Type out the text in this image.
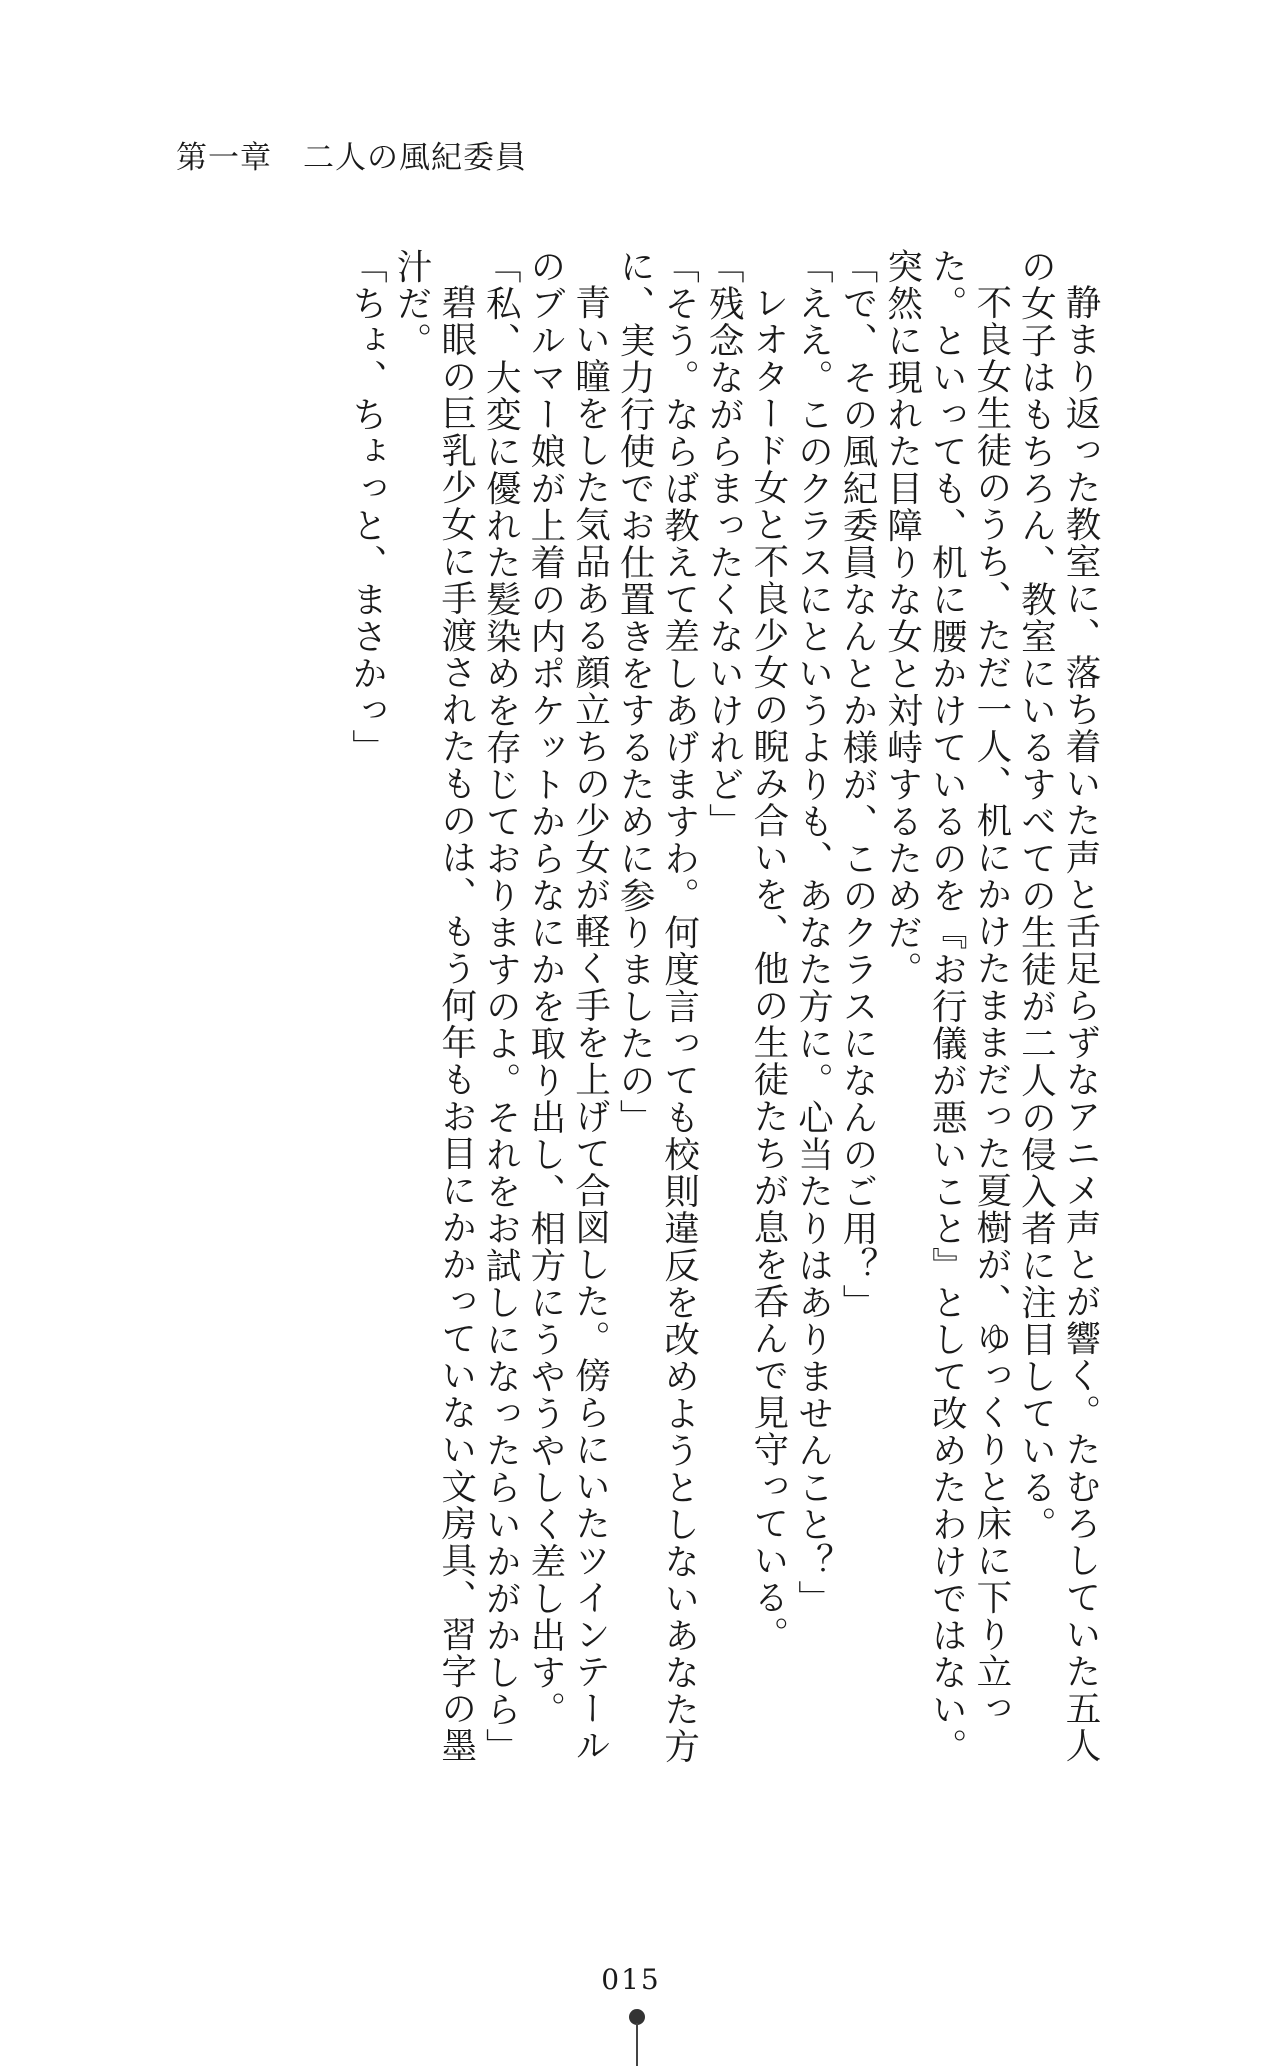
第一章 二人の風紀委員

静まり返った教室に、落ち着いた声と舌足らずなアニメ声とが響く。たむろしていた五人の女子はもちろん、教室にいるすべての生徒が二人の侵入者に注目している。

不良女生徒のうち、ただ一人、机にかけたままだった夏樹が、ゆっくりと床に下り立った。といっても、机に腰かけているのを『お行儀が悪いこと』として改めたわけではない。突然に現れた目障りな女と対峙するためだ。

「で、その風紀委員なんとか様が、このクラスになんのご用？」

「ええ。このクラスにというよりも、あなた方に。心当たりはありませんこと？」

レオタード女と不良少女の睨み合いを、他の生徒たちが息を呑んで見守っている。

「残念ながらまったくないけれど」

「そう。ならば教えて差しあげますわ。何度言っても校則違反を改めようとしないあなた方に、実力行使でお仕置きをするために参りましたの」

青い瞳をした気品ある顔立ちの少女が軽く手を上げて合図した。傍らにいたツインテールのブルマー娘が上着の内ポケットからなにかを取り出し、相方にうやうやしく差し出す。

「私、大変に優れた髪染めを存じておりますのよ。それをお試しになったらいかがかしら」

碧眼の巨乳少女に手渡されたものは、もう何年もお目にかかっていない文房具、習字の墨汁だ。

「ちょ、ちょっと、まさかっ」

015
